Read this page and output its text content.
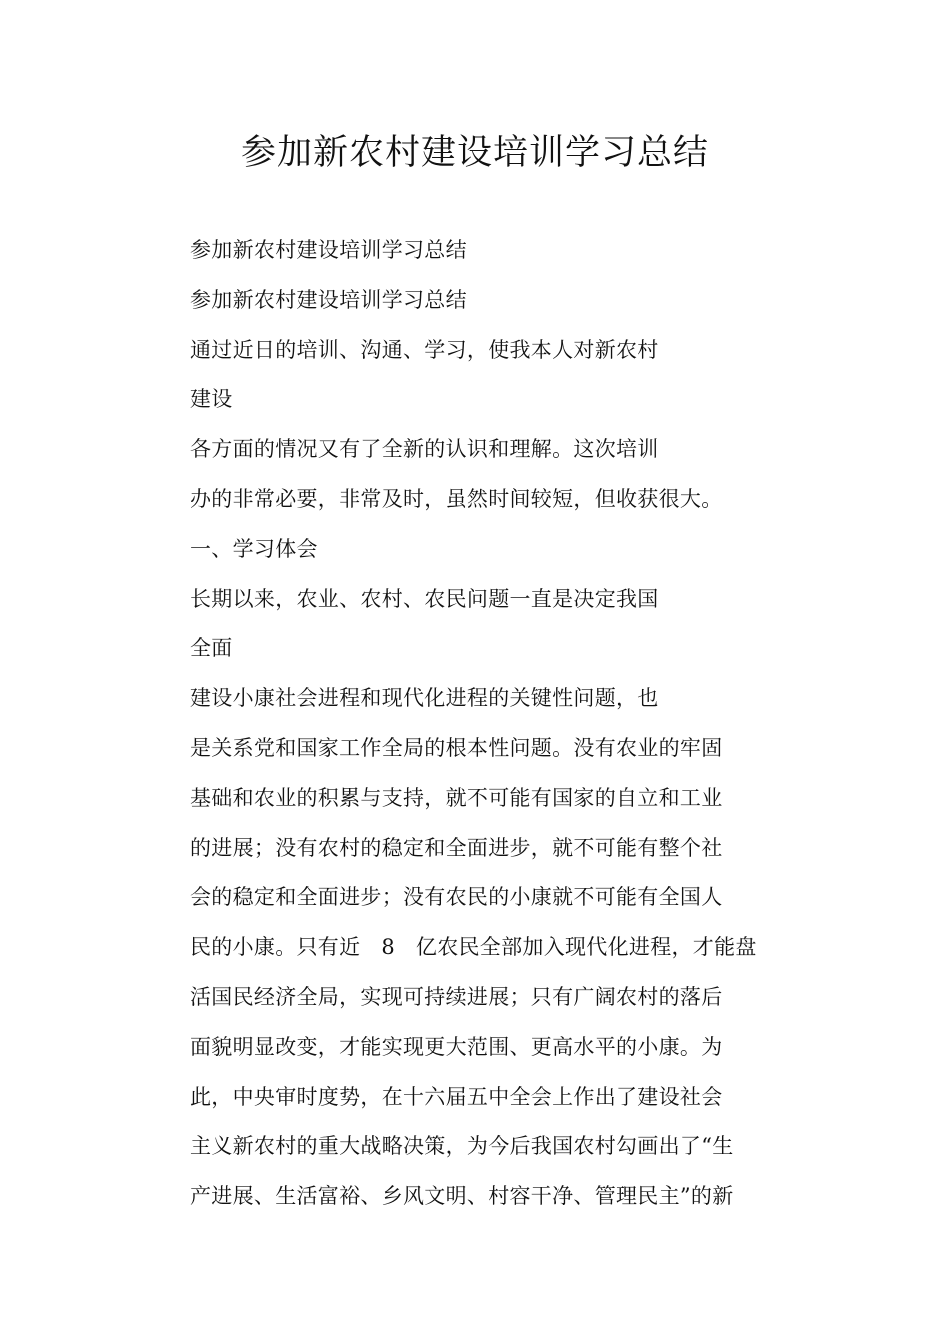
参加新农村建设培训学习总结
参加新农村建设培训学习总结
参加新农村建设培训学习总结
通过近日的培训、沟通、学习，使我本人对新农村
建设
各方面的情况又有了全新的认识和理解。这次培训
办的非常必要，非常及时，虽然时间较短，但收获很大。
一、学习体会
长期以来，农业、农村、农民问题一直是决定我国
全面
建设小康社会进程和现代化进程的关键性问题，也
是关系党和国家工作全局的根本性问题。没有农业的牢固
基础和农业的积累与支持，就不可能有国家的自立和工业
的进展；没有农村的稳定和全面进步，就不可能有整个社
会的稳定和全面进步；没有农民的小康就不可能有全国人
民的小康。只有近   8   亿农民全部加入现代化进程，才能盘
活国民经济全局，实现可持续进展；只有广阔农村的落后
面貌明显改变，才能实现更大范围、更高水平的小康。为
此，中央审时度势，在十六届五中全会上作出了建设社会
主义新农村的重大战略决策，为今后我国农村勾画出了“生
产进展、生活富裕、乡风文明、村容干净、管理民主”的新
